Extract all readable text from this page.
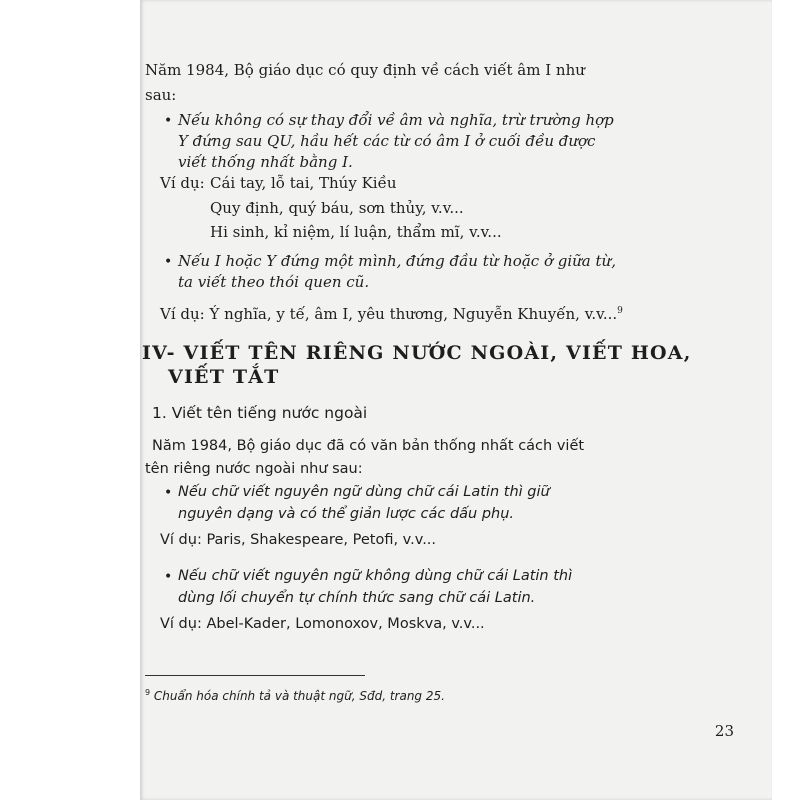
Năm 1984, Bộ giáo dục có quy định về cách viết âm I như
sau:
• Nếu không có sự thay đổi về âm và nghĩa, trừ trường hợp
Y đứng sau QU, hầu hết các từ có âm I ở cuối đều được
viết thống nhất bằng I.
Ví dụ: Cái tay, lỗ tai, Thúy Kiều
Quy định, quý báu, sơn thủy, v.v...
Hi sinh, kỉ niệm, lí luận, thẩm mĩ, v.v...
• Nếu I hoặc Y đứng một mình, đứng đầu từ hoặc ở giữa từ,
ta viết theo thói quen cũ.
Ví dụ: Ý nghĩa, y tế, âm I, yêu thương, Nguyễn Khuyến, v.v...$^9$
IV- VIẾT TÊN RIÊNG NƯỚC NGOÀI, VIẾT HOA,
VIẾT TẮT
1. Viết tên tiếng nước ngoài
Năm 1984, Bộ giáo dục đã có văn bản thống nhất cách viết
tên riêng nước ngoài như sau:
• Nếu chữ viết nguyên ngữ dùng chữ cái Latin thì giữ
nguyên dạng và có thể giản lược các dấu phụ.
Ví dụ: Paris, Shakespeare, Petofi, v.v...
• Nếu chữ viết nguyên ngữ không dùng chữ cái Latin thì
dùng lối chuyển tự chính thức sang chữ cái Latin.
Ví dụ: Abel-Kader, Lomonoxov, Moskva, v.v...
$^9$ Chuẩn hóa chính tả và thuật ngữ, Sđd, trang 25.
23
